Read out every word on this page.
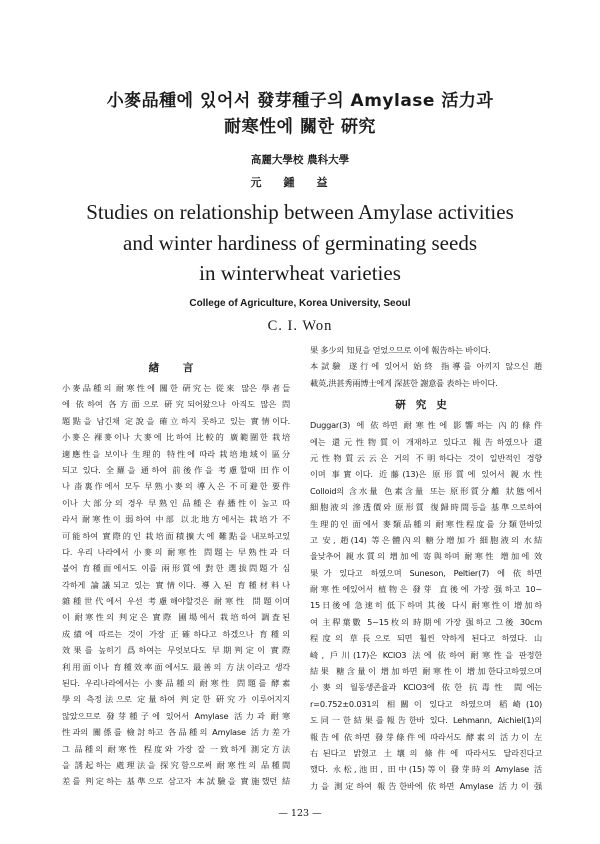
小麥品種에 있어서 發芽種子의 Amylase 活力과
耐寒性에 關한 硏究
高麗大學校 農科大學
元鍾益
Studies on relationship between Amylase activities
and winter hardiness of germinating seeds
in winterwheat varieties
College of Agriculture, Korea University, Seoul
C. I. Won
緖 言
小麥品種의 耐寒性에 關한 硏究는 從來 많은 學者들
에 依하여 各方面으로 硏究되어왔으나 아직도 많은 問
題點을 남긴채 定說을 確立하지 못하고 있는 實情이다.
小麥은 裸麥이나 大麥에 比하여 比較的 廣範圍한 栽培
適應性을 보이나 生理的 特性에 따라 栽培地域이 區分
되고 있다. 全羅을 通하여 前後作을 考慮할때 田作이
나 畓裏作에서 모두 早熟小麥의 導入은 不可避한 要件
이나 大部分의 경우 早熟인 品種은 春播性이 높고 따
라서 耐寒性이 弱하여 中部 以北地方에서는 栽培가 不
可能하여 實際的인 栽培面積擴大에 難點을 내포하고있
다. 우리 나라에서 小麥의 耐寒性 問題는 早熟性과 더
불어 育種面에서도 이를 兩形質에 對한 選拔問題가 심
각하게 論議되고 있는 實情이다. 導入된 育種材料나
雜種世代에서 우선 考慮해야할것은 耐寒性 問題이며
이 耐寒性의 判定은 實際 圃場에서 栽培하여 調査된
成績에 따르는 것이 가장 正確하다고 하겠으나 育種의
效果를 높히기 爲하여는 무엇보다도 早期判定이 實際
利用面이나 育種效率面에서도 最善의 方法이라고 생각
된다. 우리나라에서는 小麥品種의 耐寒性 問題를 酵素
學의 측정法으로 定量하여 判定한 硏究가 이루어지지
않았으므로 發芽種子에 있어서 Amylase 活力과 耐寒
性과의 關係를 檢討하고 各品種의 Amylase 活力差가
그 品種의 耐寒性 程度와 가장 잘 一致하게 測定方法
을 誘起하는 處理法을 探究함으로써 耐寒性의 品種間
差를 判定하는 基準으로 삼고자 本試驗을 實施했던 結
果 多少의 知見을 얻었으므로 이에 報告하는 바이다.
本試驗 遂行에 있어서 始終 指導를 아끼지 않으신 趙
載英,洪甚秀兩博士에게 深甚한 謝意를 表하는 바이다.
硏究史
Duggar(3) 에 依하면 耐寒性에 影響하는 內的條件
에는 還元性物質이 개재하고 있다고 報告하였으나 還
元性物質云云은 거의 不明하다는 것이 일반적인 경향
이며 事實이다. 近藤(13)은 原形質에 있어서 親水性
Colloid의 含水量 色素含量 또는 原形質分離 狀態에서
細胞液의 滲透價와 原形質 復歸時間등을 基準으로하여
生理的인 面에서 麥類品種의 耐寒性程度를 分類한바있
고 安, 趙(14) 等은體內의 糖分增加가 細胞液의 水結
율낮추어 親水質의 增加에 寄與하며 耐寒性 增加에 效
果가 있다고 하였으며 Suneson, Peltier(7) 에 依하면
耐寒性에있어서 植物은 發芽 直後에 가장 强하고 10~
15日後에 急速히 低下하며 其後 다시 耐寒性이 增加하
여 主稈葉數 5~15枚의 時期에 가장 强하고 그後 30cm
程度의 草長으로 되면 훨씬 약하게 된다고 하였다. 山
崎, 戶川(17)은 KClO3 法에 依하여 耐寒性을 판정한
結果 糖含量이 增加하면 耐寒性이 增加한다고하였으며
小麥의 월동생존율과 KClO3에 依한 抗毒性 間에는
r=0.752±0.031의 相關이 있다고 하였으며 稻崎(10)
도同一한結果를報告한바 있다. Lehmann, Aichiel(1)의
報告에 依하면 發芽條件에 따라서도 酵素의 活力이 左
右된다고 밝혔고 土壤의 條件에 따라서도 달라진다고
했다. 永松,池田, 田中(15)等이 發芽時의 Amylase 活
力을 測定하여 報告한바에 依하면 Amylase 活力이 强
— 123 —
